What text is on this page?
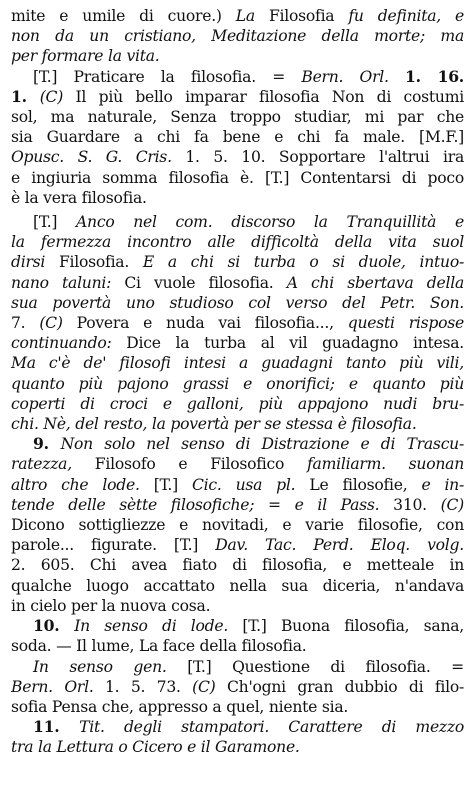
mite e umile di cuore.) La Filosofia fu definita, e
non da un cristiano, Meditazione della morte; ma
per formare la vita.
[T.] Praticare la filosofia. = Bern. Orl. 1. 16.
1. (C) Il più bello imparar filosofia Non di costumi
sol, ma naturale, Senza troppo studiar, mi par che
sia Guardare a chi fa bene e chi fa male. [M.F.]
Opusc. S. G. Cris. 1. 5. 10. Sopportare l'altrui ira
e ingiuria somma filosofia è. [T.] Contentarsi di poco
è la vera filosofia.
[T.] Anco nel com. discorso la Tranquillità e
la fermezza incontro alle difficoltà della vita suol
dirsi Filosofia. E a chi si turba o si duole, intuo-
nano taluni: Ci vuole filosofia. A chi sbertava della
sua povertà uno studioso col verso del Petr. Son.
7. (C) Povera e nuda vai filosofia..., questi rispose
continuando: Dice la turba al vil guadagno intesa.
Ma c'è de' filosofi intesi a guadagni tanto più vili,
quanto più pajono grassi e onorifici; e quanto più
coperti di croci e galloni, più appajono nudi bru-
chi. Nè, del resto, la povertà per se stessa è filosofia.
9. Non solo nel senso di Distrazione e di Trascu-
ratezza, Filosofo e Filosofico familiarm. suonan
altro che lode. [T.] Cic. usa pl. Le filosofie, e in-
tende delle sètte filosofiche; = e il Pass. 310. (C)
Dicono sottigliezze e novitadi, e varie filosofie, con
parole... figurate. [T.] Dav. Tac. Perd. Eloq. volg.
2. 605. Chi avea fiato di filosofia, e metteale in
qualche luogo accattato nella sua diceria, n'andava
in cielo per la nuova cosa.
10. In senso di lode. [T.] Buona filosofia, sana,
soda. — Il lume, La face della filosofia.
In senso gen. [T.] Questione di filosofia. =
Bern. Orl. 1. 5. 73. (C) Ch'ogni gran dubbio di filo-
sofia Pensa che, appresso a quel, niente sia.
11. Tit. degli stampatori. Carattere di mezzo
tra la Lettura o Cicero e il Garamone.
